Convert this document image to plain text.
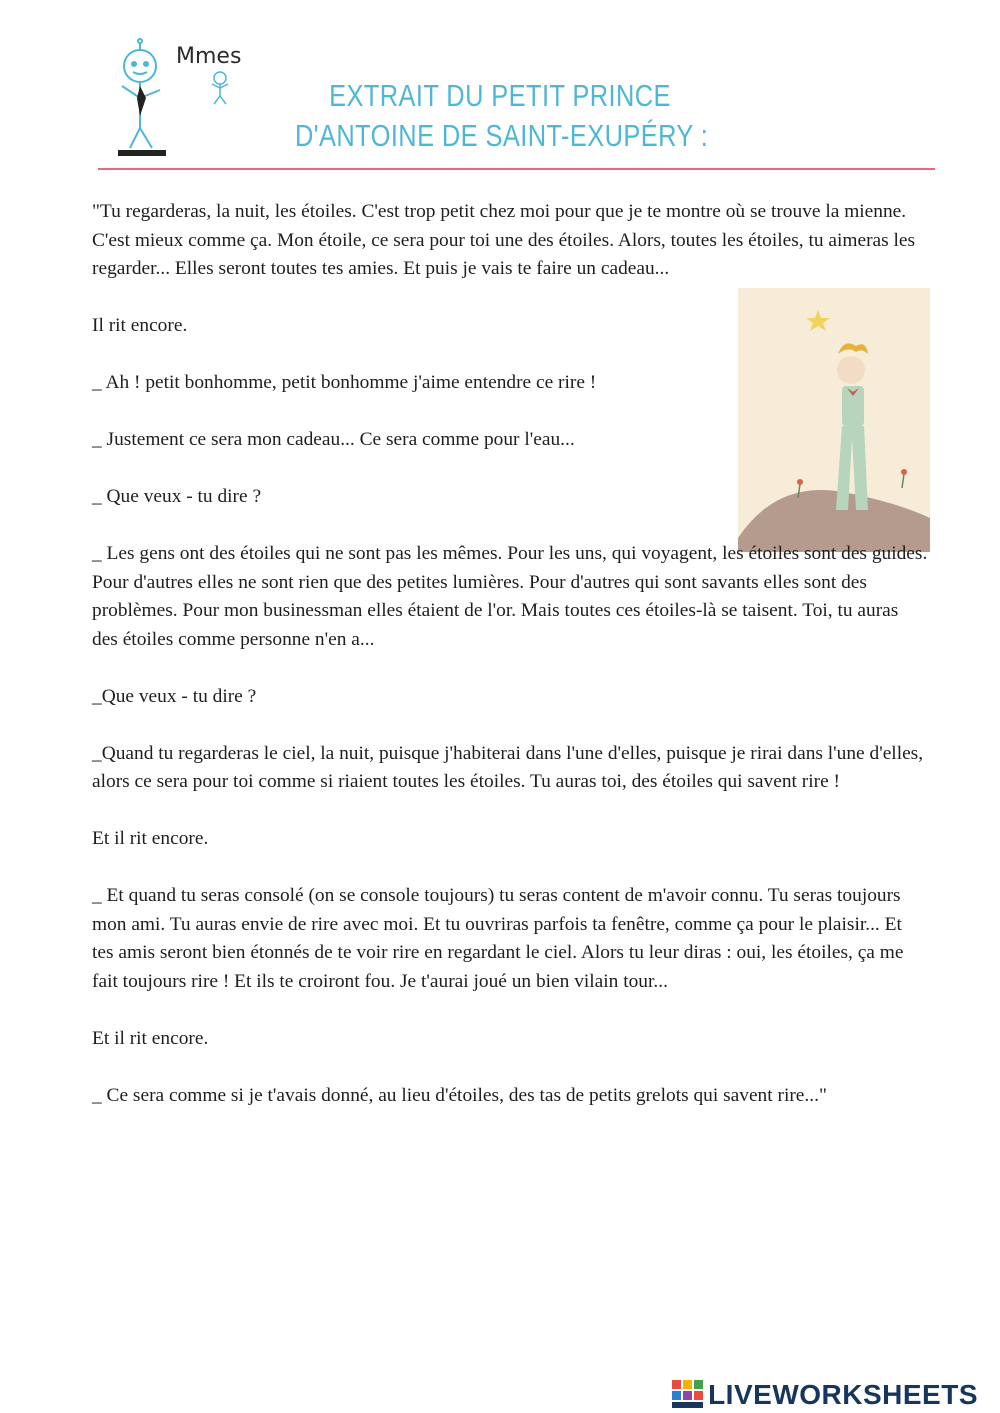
Mmes
EXTRAIT DU PETIT PRINCE
D'ANTOINE DE SAINT-EXUPÉRY :

"Tu regarderas, la nuit, les étoiles. C'est trop petit chez moi pour que je te montre où se trouve la mienne. C'est mieux comme ça. Mon étoile, ce sera pour toi une des étoiles. Alors, toutes les étoiles, tu aimeras les regarder... Elles seront toutes tes amies. Et puis je vais te faire un cadeau...

Il rit encore.

_ Ah ! petit bonhomme, petit bonhomme j'aime entendre ce rire !

_ Justement ce sera mon cadeau... Ce sera comme pour l'eau...

_ Que veux - tu dire ?

_ Les gens ont des étoiles qui ne sont pas les mêmes. Pour les uns, qui voyagent, les étoiles sont des guides. Pour d'autres elles ne sont rien que des petites lumières. Pour d'autres qui sont savants elles sont des problèmes. Pour mon businessman elles étaient de l'or. Mais toutes ces étoiles-là se taisent. Toi, tu auras des étoiles comme personne n'en a...

_Que veux - tu dire ?

_Quand tu regarderas le ciel, la nuit, puisque j'habiterai dans l'une d'elles, puisque je rirai dans l'une d'elles, alors ce sera pour toi comme si riaient toutes les étoiles. Tu auras toi, des étoiles qui savent rire !

Et il rit encore.

_ Et quand tu seras consolé (on se console toujours) tu seras content de m'avoir connu. Tu seras toujours mon ami. Tu auras envie de rire avec moi. Et tu ouvriras parfois ta fenêtre, comme ça pour le plaisir... Et tes amis seront bien étonnés de te voir rire en regardant le ciel. Alors tu leur diras : oui, les étoiles, ça me fait toujours rire ! Et ils te croiront fou. Je t'aurai joué un bien vilain tour...

Et il rit encore.

_ Ce sera comme si je t'avais donné, au lieu d'étoiles, des tas de petits grelots qui savent rire..."

LIVEWORKSHEETS
